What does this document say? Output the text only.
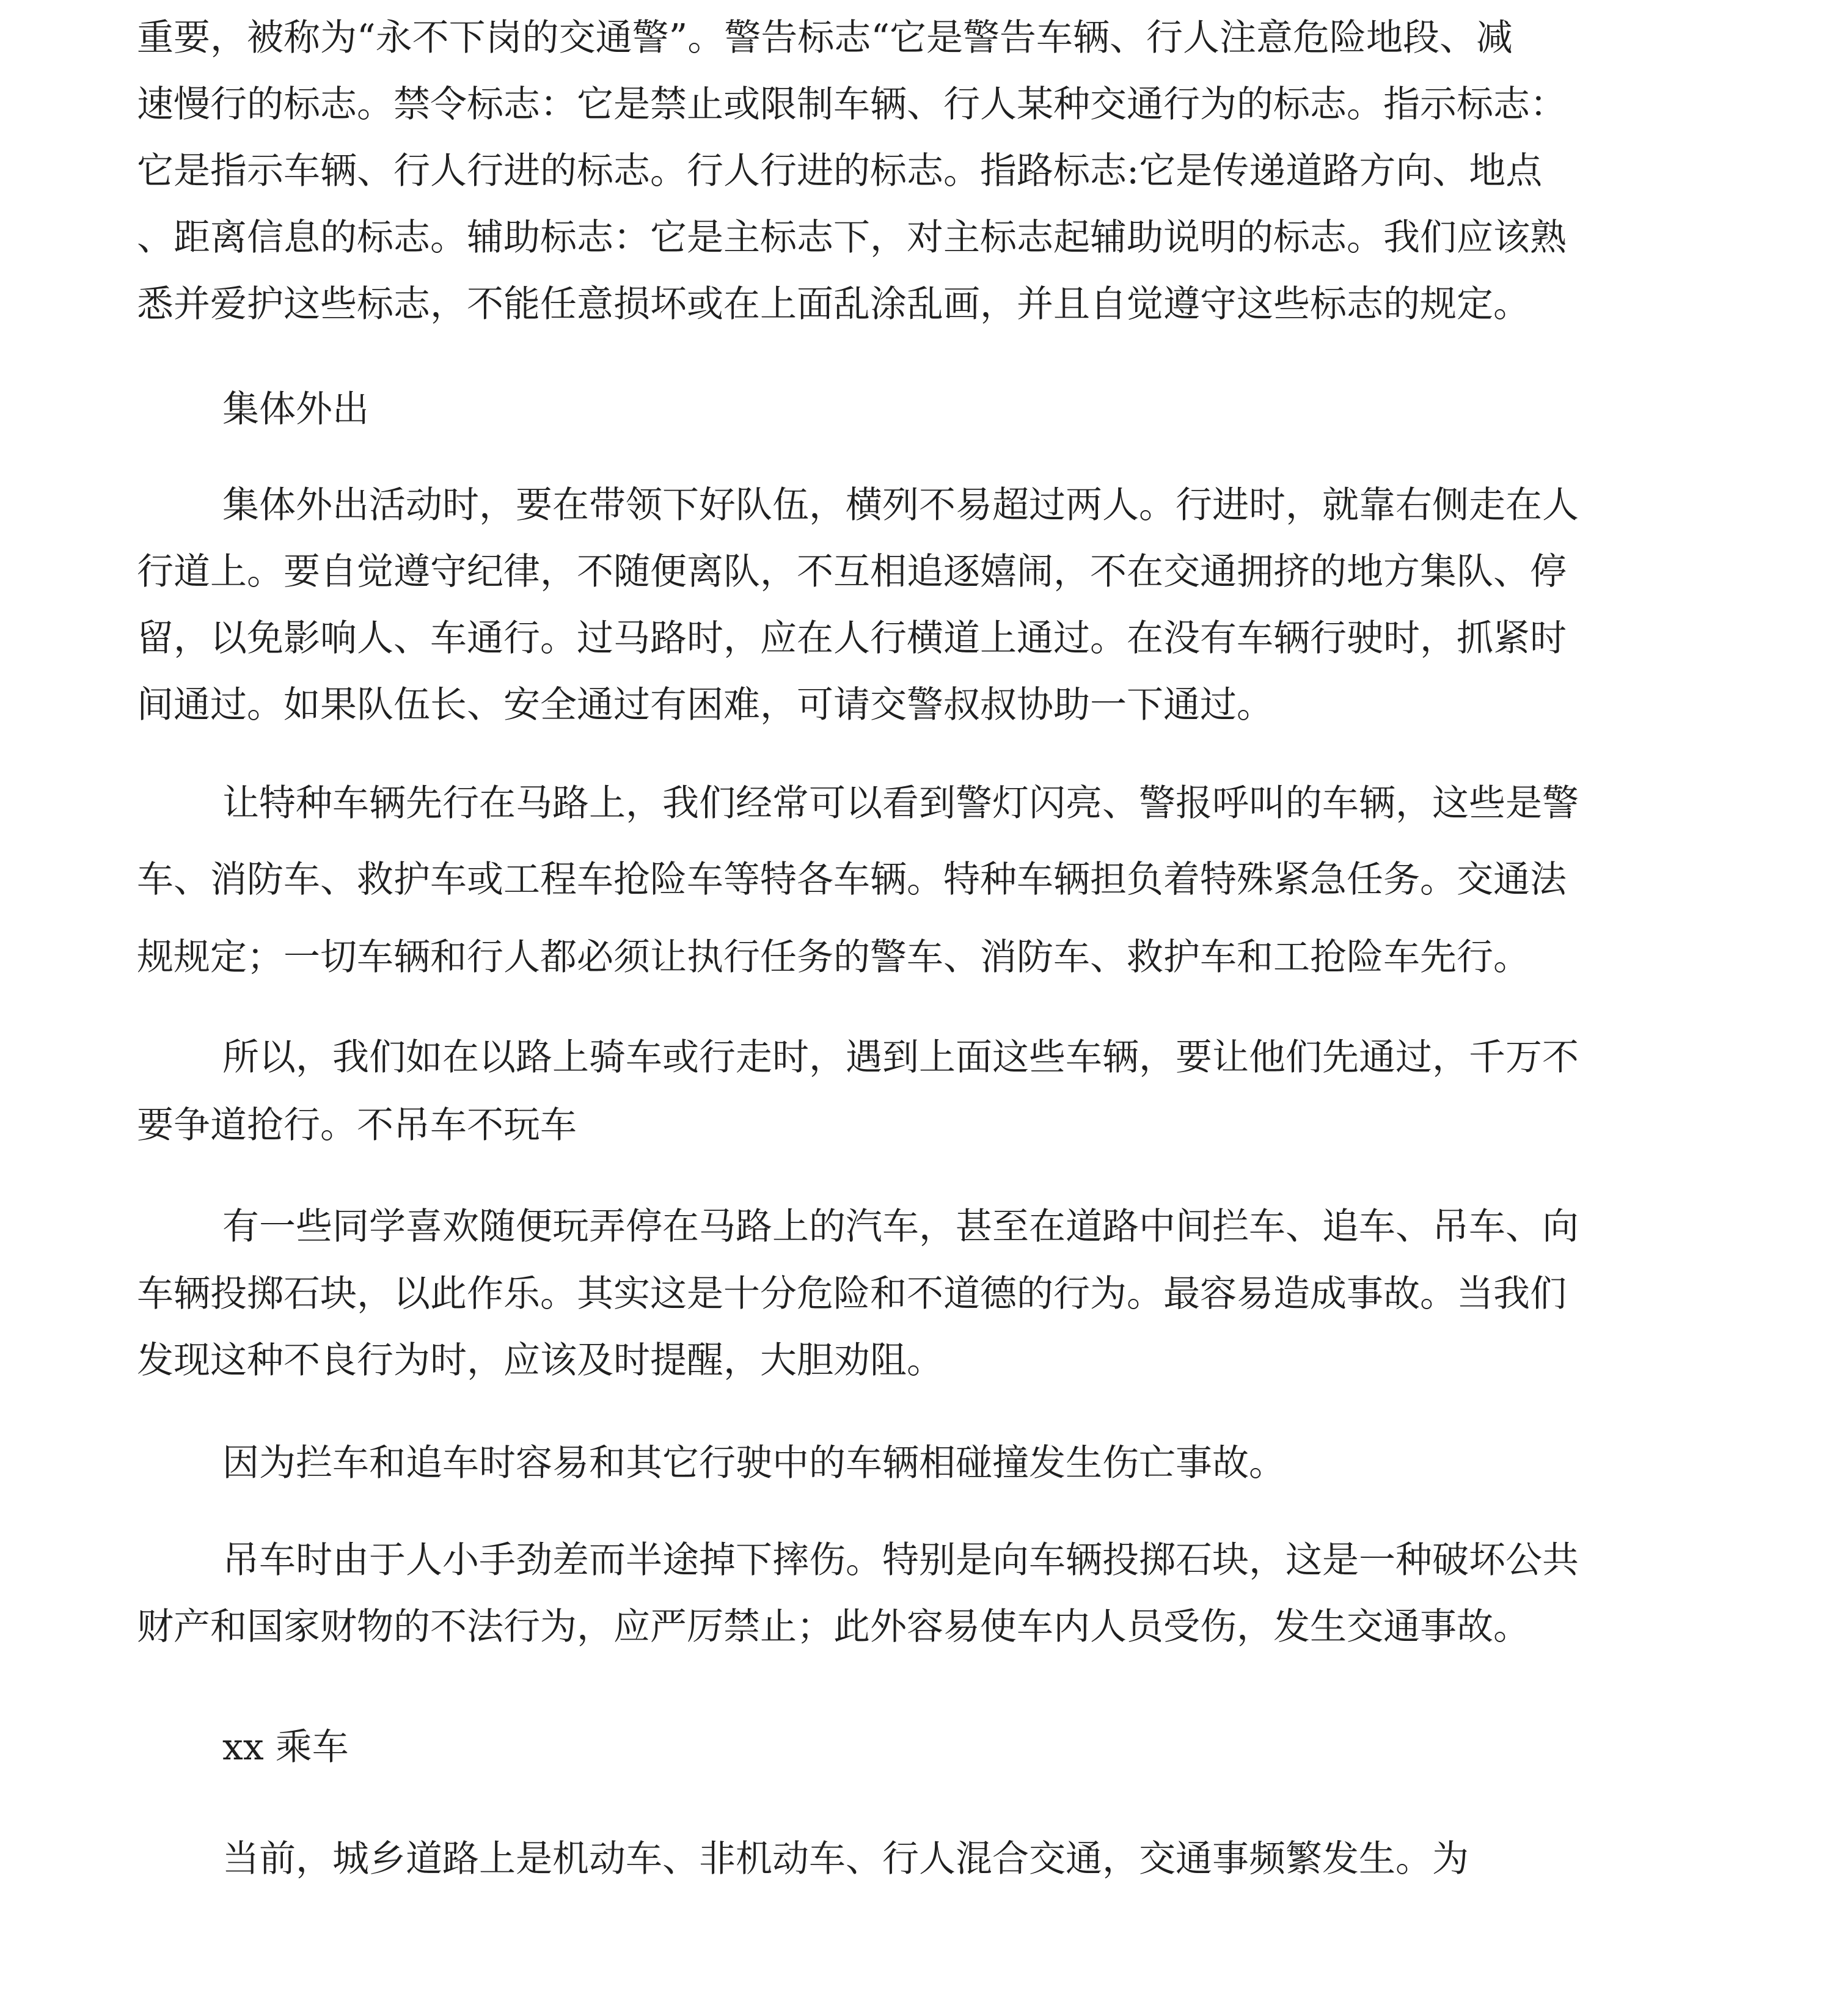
重要，被称为“永不下岗的交通警”。警告标志“它是警告车辆、行人注意危险地段、减
速慢行的标志。禁令标志：它是禁止或限制车辆、行人某种交通行为的标志。指示标志：
它是指示车辆、行人行进的标志。行人行进的标志。指路标志:它是传递道路方向、地点
、距离信息的标志。辅助标志：它是主标志下，对主标志起辅助说明的标志。我们应该熟
悉并爱护这些标志，不能任意损坏或在上面乱涂乱画，并且自觉遵守这些标志的规定。
集体外出
集体外出活动时，要在带领下好队伍，横列不易超过两人。行进时，就靠右侧走在人
行道上。要自觉遵守纪律，不随便离队，不互相追逐嬉闹，不在交通拥挤的地方集队、停
留，以免影响人、车通行。过马路时，应在人行横道上通过。在没有车辆行驶时，抓紧时
间通过。如果队伍长、安全通过有困难，可请交警叔叔协助一下通过。
让特种车辆先行在马路上，我们经常可以看到警灯闪亮、警报呼叫的车辆，这些是警
车、消防车、救护车或工程车抢险车等特各车辆。特种车辆担负着特殊紧急任务。交通法
规规定；一切车辆和行人都必须让执行任务的警车、消防车、救护车和工抢险车先行。
所以，我们如在以路上骑车或行走时，遇到上面这些车辆，要让他们先通过，千万不
要争道抢行。不吊车不玩车
有一些同学喜欢随便玩弄停在马路上的汽车，甚至在道路中间拦车、追车、吊车、向
车辆投掷石块，以此作乐。其实这是十分危险和不道德的行为。最容易造成事故。当我们
发现这种不良行为时，应该及时提醒，大胆劝阻。
因为拦车和追车时容易和其它行驶中的车辆相碰撞发生伤亡事故。
吊车时由于人小手劲差而半途掉下摔伤。特别是向车辆投掷石块，这是一种破坏公共
财产和国家财物的不法行为，应严厉禁止；此外容易使车内人员受伤，发生交通事故。
xx 乘车
当前，城乡道路上是机动车、非机动车、行人混合交通，交通事频繁发生。为
